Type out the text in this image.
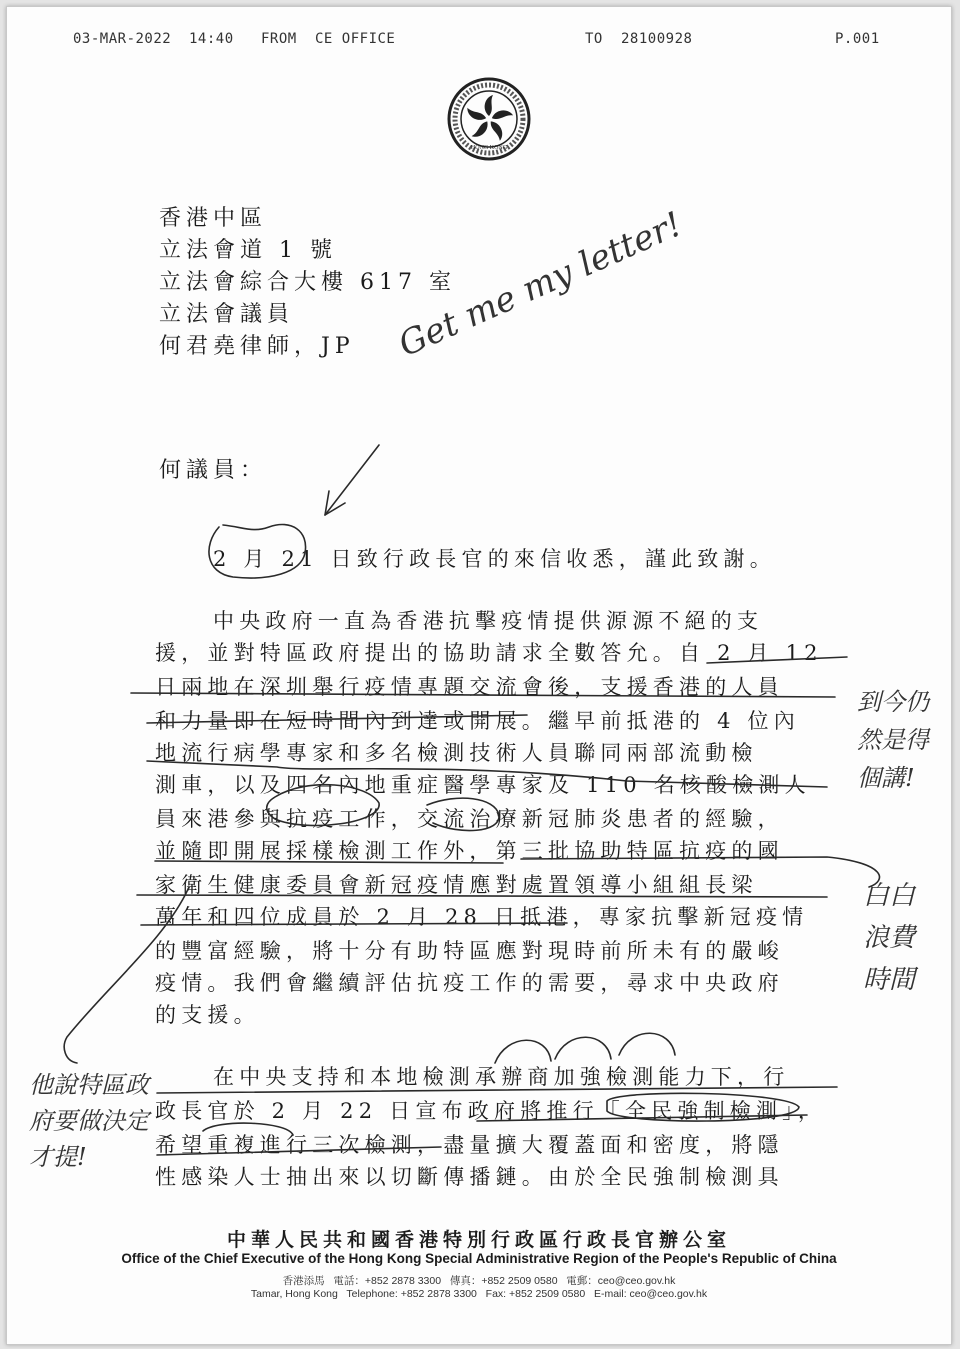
03-MAR-2022 14:40 FROM CE OFFICE	TO 28100928	P.001
HONG KONG
香港中區
立法會道 1 號
立法會綜合大樓 617 室
立法會議員
何君堯律師，JP
何議員：
2 月 21 日致行政長官的來信收悉，謹此致謝。
中央政府一直為香港抗擊疫情提供源源不絕的支
援，並對特區政府提出的協助請求全數答允。自 2 月 12
日兩地在深圳舉行疫情專題交流會後，支援香港的人員
和力量即在短時間內到達或開展。繼早前抵港的 4 位內
地流行病學專家和多名檢測技術人員聯同兩部流動檢
測車，以及四名內地重症醫學專家及 110 名核酸檢測人
員來港參與抗疫工作，交流治療新冠肺炎患者的經驗，
並隨即開展採樣檢測工作外，第三批協助特區抗疫的國
家衛生健康委員會新冠疫情應對處置領導小組組長梁
萬年和四位成員於 2 月 28 日抵港，專家抗擊新冠疫情
的豐富經驗，將十分有助特區應對現時前所未有的嚴峻
疫情。我們會繼續評估抗疫工作的需要，尋求中央政府
的支援。
在中央支持和本地檢測承辦商加強檢測能力下，行
政長官於 2 月 22 日宣布政府將推行「全民強制檢測」，
希望重複進行三次檢測，盡量擴大覆蓋面和密度，將隱
性感染人士抽出來以切斷傳播鏈。由於全民強制檢測具
中華人民共和國香港特別行政區行政長官辦公室
Office of the Chief Executive of the Hong Kong Special Administrative Region of the People's Republic of China
香港添馬   電話：+852 2878 3300   傳真：+852 2509 0580   電郵：ceo@ceo.gov.hk
Tamar, Hong Kong   Telephone: +852 2878 3300   Fax: +852 2509 0580   E-mail: ceo@ceo.gov.hk
Get me my letter!
到今仍然是得個講!
白白浪費時間
他說特區政府要做決定才提!
